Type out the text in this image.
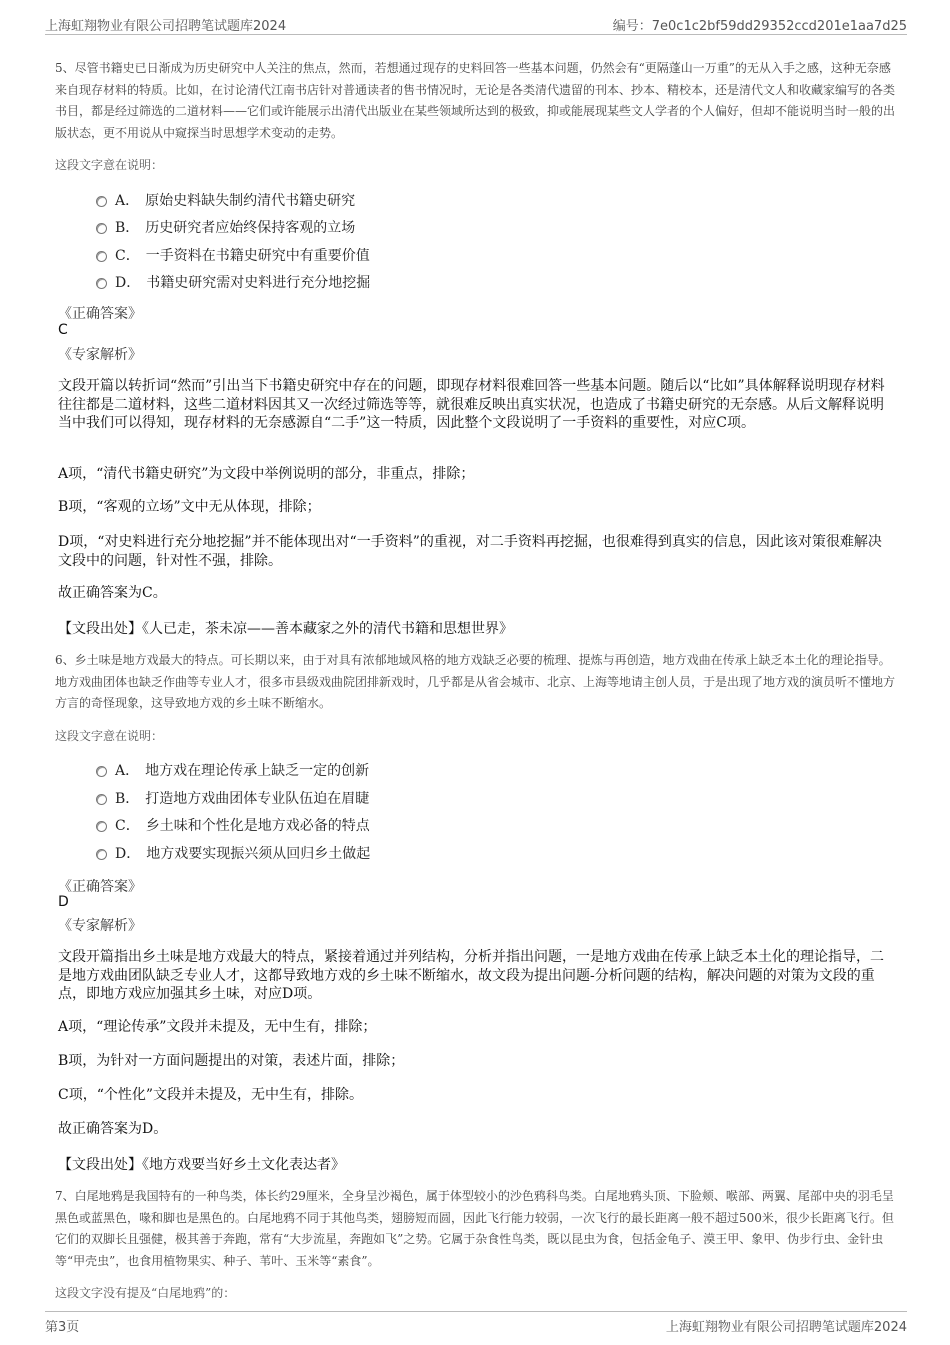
上海虹翔物业有限公司招聘笔试题库2024	编号：7e0c1c2bf59dd29352ccd201e1aa7d25

5、尽管书籍史已日渐成为历史研究中人关注的焦点，然而，若想通过现存的史料回答一些基本问题，仍然会有“更隔蓬山一万重”的无从入手之感，这种无奈感来自现存材料的特质。比如，在讨论清代江南书店针对普通读者的售书情况时，无论是各类清代遗留的刊本、抄本、精校本，还是清代文人和收藏家编写的各类书目，都是经过筛选的二道材料——它们或许能展示出清代出版业在某些领域所达到的极致，抑或能展现某些文人学者的个人偏好，但却不能说明当时一般的出版状态，更不用说从中窥探当时思想学术变动的走势。

这段文字意在说明：

A． 原始史料缺失制约清代书籍史研究
B． 历史研究者应始终保持客观的立场
C． 一手资料在书籍史研究中有重要价值
D． 书籍史研究需对史料进行充分地挖掘

《正确答案》

C

《专家解析》

文段开篇以转折词“然而”引出当下书籍史研究中存在的问题，即现存材料很难回答一些基本问题。随后以“比如”具体解释说明现存材料往往都是二道材料，这些二道材料因其又一次经过筛选等等，就很难反映出真实状况，也造成了书籍史研究的无奈感。从后文解释说明当中我们可以得知，现存材料的无奈感源自“二手”这一特质，因此整个文段说明了一手资料的重要性，对应C项。

A项，“清代书籍史研究”为文段中举例说明的部分，非重点，排除；

B项，“客观的立场”文中无从体现，排除；

D项，“对史料进行充分地挖掘”并不能体现出对“一手资料”的重视，对二手资料再挖掘，也很难得到真实的信息，因此该对策很难解决文段中的问题，针对性不强，排除。

故正确答案为C。

【文段出处】《人已走，茶未凉——善本藏家之外的清代书籍和思想世界》

6、乡土味是地方戏最大的特点。可长期以来，由于对具有浓郁地域风格的地方戏缺乏必要的梳理、提炼与再创造，地方戏曲在传承上缺乏本土化的理论指导。地方戏曲团体也缺乏作曲等专业人才，很多市县级戏曲院团排新戏时，几乎都是从省会城市、北京、上海等地请主创人员，于是出现了地方戏的演员听不懂地方方言的奇怪现象，这导致地方戏的乡土味不断缩水。

这段文字意在说明：

A． 地方戏在理论传承上缺乏一定的创新
B． 打造地方戏曲团体专业队伍迫在眉睫
C． 乡土味和个性化是地方戏必备的特点
D． 地方戏要实现振兴须从回归乡土做起

《正确答案》

D

《专家解析》

文段开篇指出乡土味是地方戏最大的特点，紧接着通过并列结构，分析并指出问题，一是地方戏曲在传承上缺乏本土化的理论指导，二是地方戏曲团队缺乏专业人才，这都导致地方戏的乡土味不断缩水，故文段为提出问题-分析问题的结构，解决问题的对策为文段的重点，即地方戏应加强其乡土味，对应D项。

A项，“理论传承”文段并未提及，无中生有，排除；

B项，为针对一方面问题提出的对策，表述片面，排除；

C项，“个性化”文段并未提及，无中生有，排除。

故正确答案为D。

【文段出处】《地方戏要当好乡土文化表达者》

7、白尾地鸦是我国特有的一种鸟类，体长约29厘米，全身呈沙褐色，属于体型较小的沙色鸦科鸟类。白尾地鸦头顶、下脸颊、喉部、两翼、尾部中央的羽毛呈黑色或蓝黑色，喙和脚也是黑色的。白尾地鸦不同于其他鸟类，翅膀短而圆，因此飞行能力较弱，一次飞行的最长距离一般不超过500米，很少长距离飞行。但它们的双脚长且强健，极其善于奔跑，常有“大步流星，奔跑如飞”之势。它属于杂食性鸟类，既以昆虫为食，包括金龟子、漠王甲、象甲、伪步行虫、金针虫等“甲壳虫”，也食用植物果实、种子、苇叶、玉米等“素食”。

这段文字没有提及“白尾地鸦”的：

第3页	上海虹翔物业有限公司招聘笔试题库2024
